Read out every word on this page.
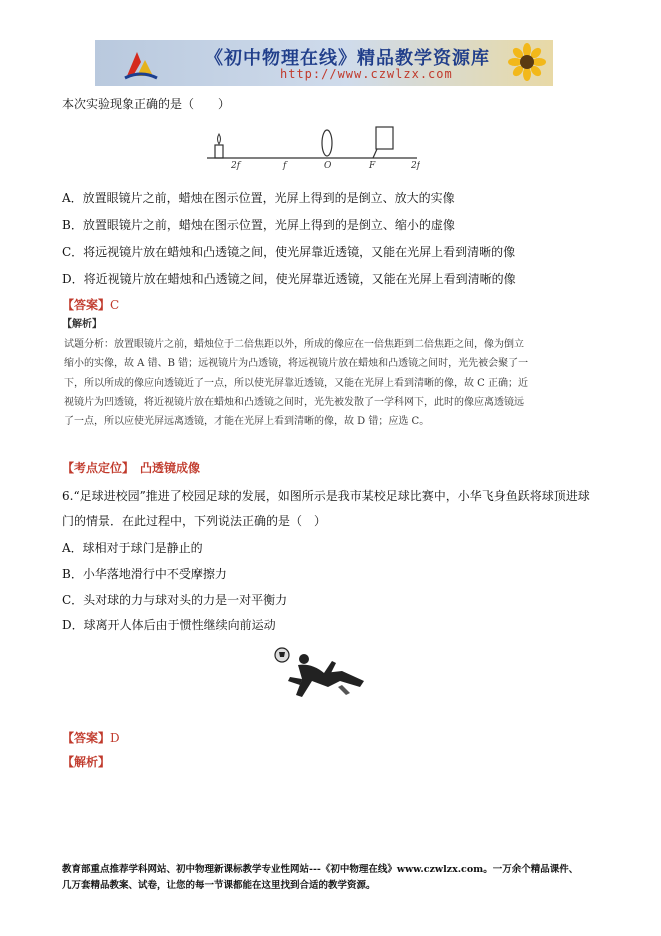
《初中物理在线》精品教学资源库
http://www.czwlzx.com
本次实验现象正确的是（　　）
2f	f	O	F	2f
A．放置眼镜片之前，蜡烛在图示位置，光屏上得到的是倒立、放大的实像
B．放置眼镜片之前，蜡烛在图示位置，光屏上得到的是倒立、缩小的虚像
C．将远视镜片放在蜡烛和凸透镜之间，使光屏靠近透镜，又能在光屏上看到清晰的像
D．将近视镜片放在蜡烛和凸透镜之间，使光屏靠近透镜，又能在光屏上看到清晰的像
【答案】C
【解析】
试题分析：放置眼镜片之前，蜡烛位于二倍焦距以外，所成的像应在一倍焦距到二倍焦距之间，像为倒立
缩小的实像，故 A 错、B 错；远视镜片为凸透镜，将远视镜片放在蜡烛和凸透镜之间时，光先被会聚了一
下，所以所成的像应向透镜近了一点，所以使光屏靠近透镜，又能在光屏上看到清晰的像，故 C 正确；近
视镜片为凹透镜，将近视镜片放在蜡烛和凸透镜之间时，光先被发散了一学科网下，此时的像应离透镜远
了一点，所以应使光屏远离透镜，才能在光屏上看到清晰的像，故 D 错；应选 C。
【考点定位】 凸透镜成像
6.“足球进校园”推进了校园足球的发展，如图所示是我市某校足球比赛中，小华飞身鱼跃将球顶进球
门的情景．在此过程中，下列说法正确的是（　）
A．球相对于球门是静止的
B．小华落地滑行中不受摩擦力
C．头对球的力与球对头的力是一对平衡力
D．球离开人体后由于惯性继续向前运动
【答案】D
【解析】
教育部重点推荐学科网站、初中物理新课标教学专业性网站---《初中物理在线》www.czwlzx.com。一万余个精品课件、
几万套精品教案、试卷，让您的每一节课都能在这里找到合适的教学资源。
